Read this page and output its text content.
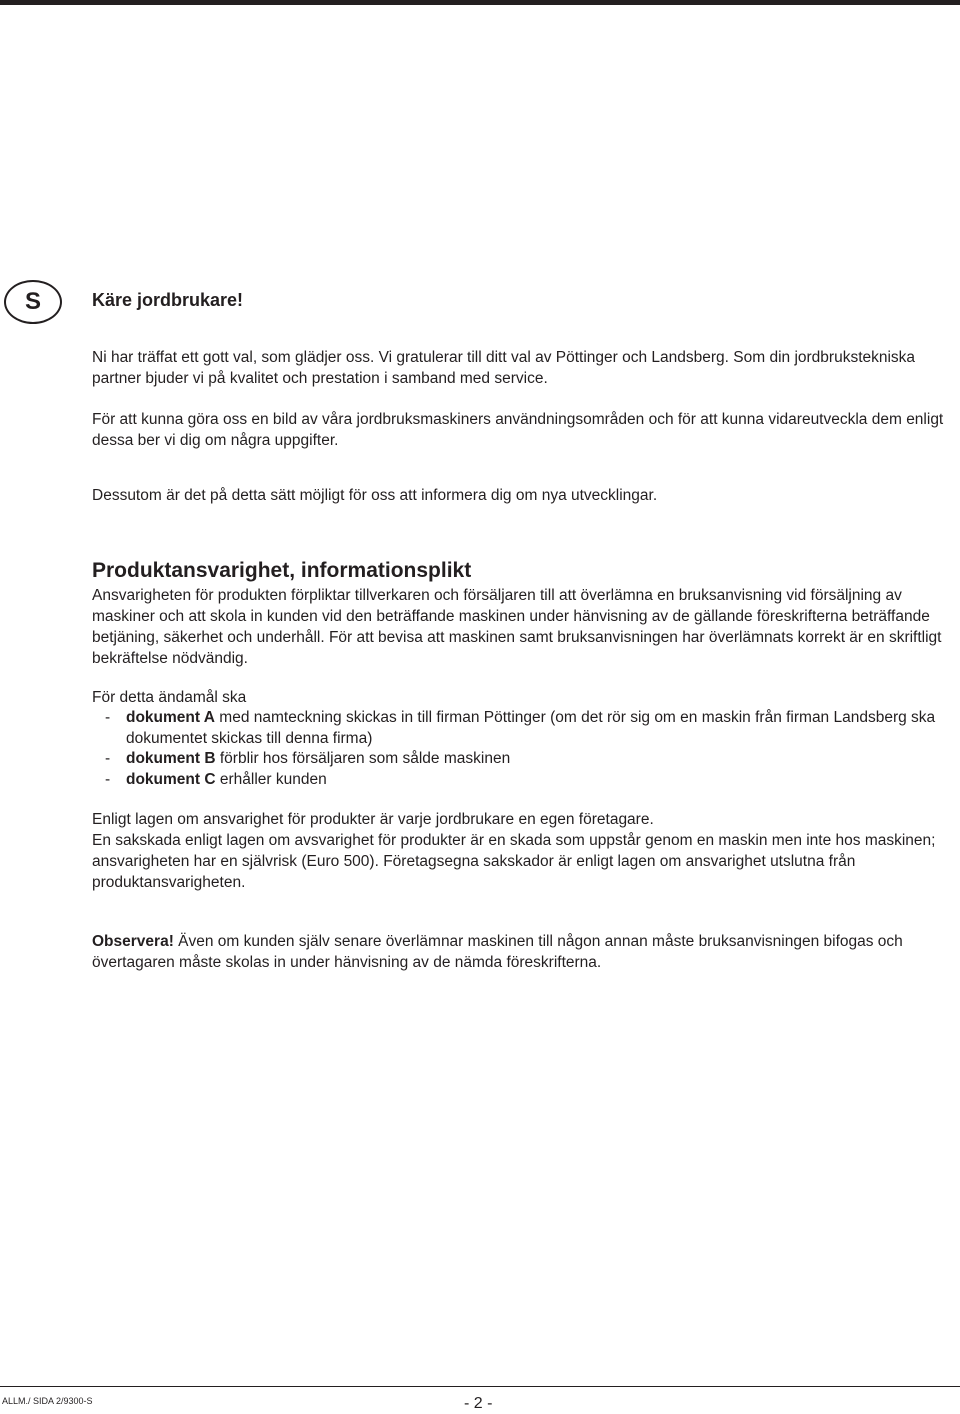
S	Käre jordbrukare!

Ni har träffat ett gott val, som glädjer oss. Vi gratulerar till ditt val av Pöttinger och Landsberg. Som din jordbrukstekniska partner bjuder vi på kvalitet och prestation i samband med service.

För att kunna göra oss en bild av våra jordbruksmaskiners användningsområden och för att kunna vidareutveckla dem enligt dessa ber vi dig om några uppgifter.

Dessutom är det på detta sätt möjligt för oss att informera dig om nya utvecklingar.

Produktansvarighet, informationsplikt

Ansvarigheten för produkten förpliktar tillverkaren och försäljaren till att överlämna en bruksanvisning vid försäljning av maskiner och att skola in kunden vid den beträffande maskinen under hänvisning av de gällande föreskrifterna beträffande betjäning, säkerhet och underhåll. För att bevisa att maskinen samt bruksanvisningen har överlämnats korrekt är en skriftligt bekräftelse nödvändig.

För detta ändamål ska

- dokument A med namteckning skickas in till firman Pöttinger (om det rör sig om en maskin från firman Landsberg ska dokumentet skickas till denna firma)
- dokument B förblir hos försäljaren som sålde maskinen
- dokument C erhåller kunden

Enligt lagen om ansvarighet för produkter är varje jordbrukare en egen företagare.

En sakskada enligt lagen om avsvarighet för produkter är en skada som uppstår genom en maskin men inte hos maskinen; ansvarigheten har en självrisk (Euro 500). Företagsegna sakskador är enligt lagen om ansvarighet utslutna från produktansvarigheten.

Observera! Även om kunden själv senare överlämnar maskinen till någon annan måste bruksanvisningen bifogas och övertagaren måste skolas in under hänvisning av de nämda föreskrifterna.

ALLM./ SIDA 2/9300-S	- 2 -
